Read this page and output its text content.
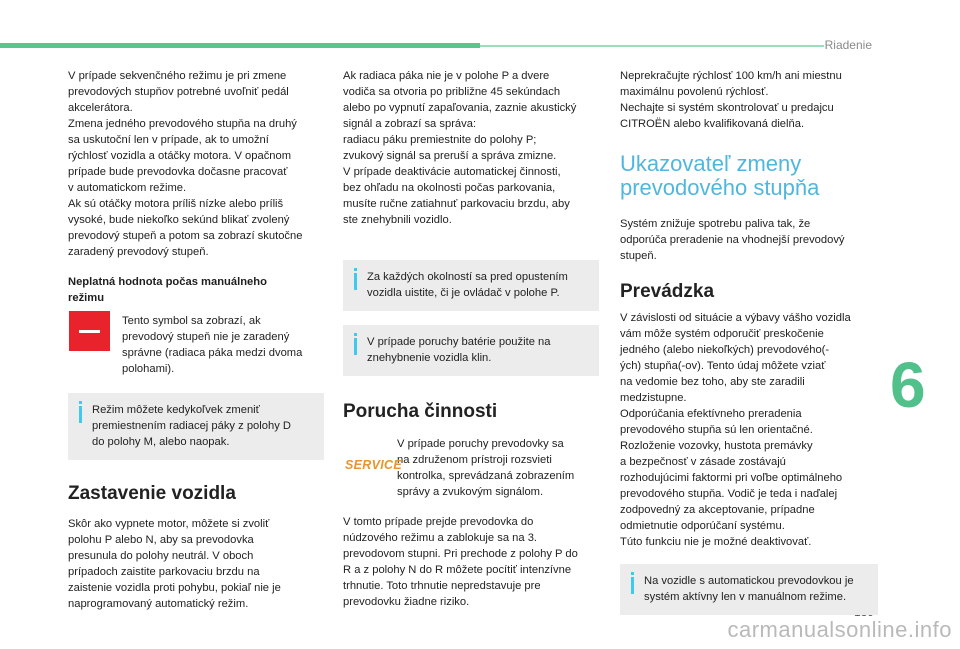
Riadenie
6
carmanualsonline.info

V prípade sekvenčného režimu je pri zmene
prevodových stupňov potrebné uvoľniť pedál
akcelerátora.
Zmena jedného prevodového stupňa na druhý
sa uskutoční len v prípade, ak to umožní
rýchlosť vozidla a otáčky motora. V opačnom
prípade bude prevodovka dočasne pracovať
v automatickom režime.
Ak sú otáčky motora príliš nízke alebo príliš
vysoké, bude niekoľko sekúnd blikať zvolený
prevodový stupeň a potom sa zobrazí skutočne
zaradený prevodový stupeň.

Neplatná hodnota počas manuálneho
režimu

Tento symbol sa zobrazí, ak
prevodový stupeň nie je zaradený
správne (radiaca páka medzi dvoma
polohami).

Režim môžete kedykoľvek zmeniť
premiestnením radiacej páky z polohy D
do polohy M, alebo naopak.

Zastavenie vozidla

Skôr ako vypnete motor, môžete si zvoliť
polohu P alebo N, aby sa prevodovka
presunula do polohy neutrál. V oboch
prípadoch zaistite parkovaciu brzdu na
zaistenie vozidla proti pohybu, pokiaľ nie je
naprogramovaný automatický režim.

Ak radiaca páka nie je v polohe P a dvere
vodiča sa otvoria po približne 45 sekúndach
alebo po vypnutí zapaľovania, zaznie akustický
signál a zobrazí sa správa:
radiacu páku premiestnite do polohy P;
zvukový signál sa preruší a správa zmizne.
V prípade deaktivácie automatickej činnosti,
bez ohľadu na okolnosti počas parkovania,
musíte ručne zatiahnuť parkovaciu brzdu, aby
ste znehybnili vozidlo.

Za každých okolností sa pred opustením
vozidla uistite, či je ovládač v polohe P.

V prípade poruchy batérie použite na
znehybnenie vozidla klin.

Porucha činnosti

V prípade poruchy prevodovky sa
na združenom prístroji rozsvieti
kontrolka, sprevádzaná zobrazením
správy a zvukovým signálom.

V tomto prípade prejde prevodovka do
núdzového režimu a zablokuje sa na 3.
prevodovom stupni. Pri prechode z polohy P do
R a z polohy N do R môžete pocítiť intenzívne
trhnutie. Toto trhnutie nepredstavuje pre
prevodovku žiadne riziko.

SERVICE

Neprekračujte rýchlosť 100 km/h ani miestnu
maximálnu povolenú rýchlosť.
Nechajte si systém skontrolovať u predajcu
CITROËN alebo kvalifikovaná dielňa.

Ukazovateľ zmeny prevodového stupňa

Systém znižuje spotrebu paliva tak, že
odporúča preradenie na vhodnejší prevodový
stupeň.

Prevádzka

V závislosti od situácie a výbavy vášho vozidla
vám môže systém odporučiť preskočenie
jedného (alebo niekoľkých) prevodového(-
ých) stupňa(-ov). Tento údaj môžete vziať
na vedomie bez toho, aby ste zaradili
medzistupne.
Odporúčania efektívneho preradenia
prevodového stupňa sú len orientačné.
Rozloženie vozovky, hustota premávky
a bezpečnosť v zásade zostávajú
rozhodujúcimi faktormi pri voľbe optimálneho
prevodového stupňa. Vodič je teda i naďalej
zodpovedný za akceptovanie, prípadne
odmietnutie odporúčaní systému.
Túto funkciu nie je možné deaktivovať.

Na vozidle s automatickou prevodovkou je
systém aktívny len v manuálnom režime.
